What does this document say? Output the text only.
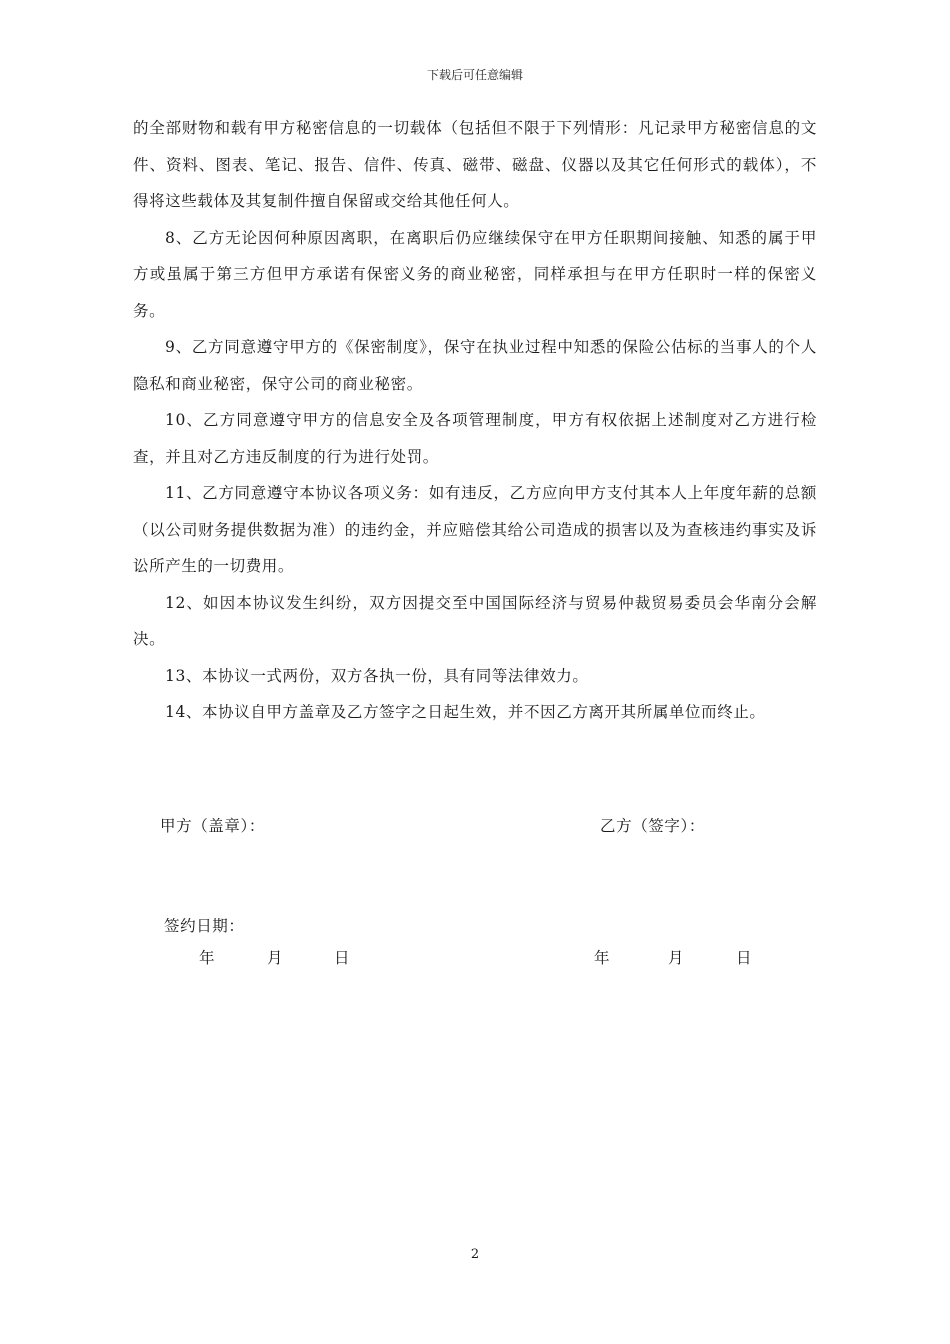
下载后可任意编辑

的全部财物和载有甲方秘密信息的一切载体（包括但不限于下列情形：凡记录甲方秘密信息的文件、资料、图表、笔记、报告、信件、传真、磁带、磁盘、仪器以及其它任何形式的载体），不得将这些载体及其复制件擅自保留或交给其他任何人。

8、乙方无论因何种原因离职，在离职后仍应继续保守在甲方任职期间接触、知悉的属于甲方或虽属于第三方但甲方承诺有保密义务的商业秘密，同样承担与在甲方任职时一样的保密义务。

9、乙方同意遵守甲方的《保密制度》，保守在执业过程中知悉的保险公估标的当事人的个人隐私和商业秘密，保守公司的商业秘密。

10、乙方同意遵守甲方的信息安全及各项管理制度，甲方有权依据上述制度对乙方进行检查，并且对乙方违反制度的行为进行处罚。

11、乙方同意遵守本协议各项义务：如有违反，乙方应向甲方支付其本人上年度年薪的总额（以公司财务提供数据为准）的违约金，并应赔偿其给公司造成的损害以及为查核违约事实及诉讼所产生的一切费用。

12、如因本协议发生纠纷，双方因提交至中国国际经济与贸易仲裁贸易委员会华南分会解决。

13、本协议一式两份，双方各执一份，具有同等法律效力。

14、本协议自甲方盖章及乙方签字之日起生效，并不因乙方离开其所属单位而终止。

甲方（盖章）：	乙方（签字）：
签约日期：
年	月	日	年	月	日
2
